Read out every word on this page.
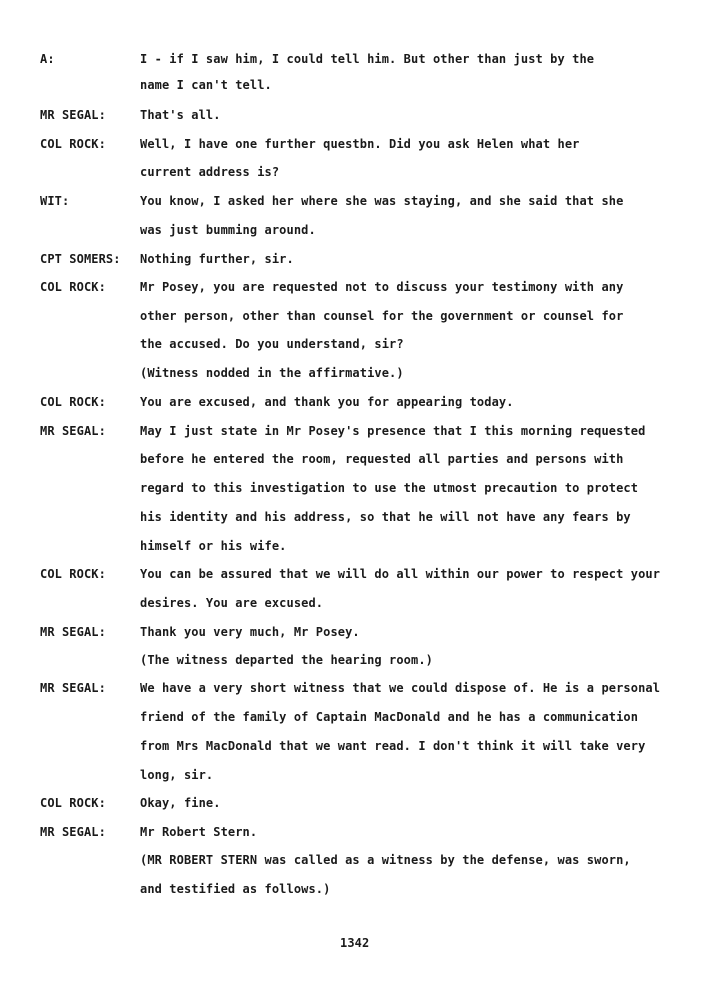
A:	I - if I saw him, I could tell him. But other than just by the
name I can't tell.
MR SEGAL:	That's all.
COL ROCK:	Well, I have one further questbn. Did you ask Helen what her
current address is?
WIT:	You know, I asked her where she was staying, and she said that she
was just bumming around.
CPT SOMERS: Nothing further, sir.
COL ROCK:	Mr Posey, you are requested not to discuss your testimony with any
other person, other than counsel for the government or counsel for
the accused. Do you understand, sir?
(Witness nodded in the affirmative.)
COL ROCK:	You are excused, and thank you for appearing today.
MR SEGAL:	May I just state in Mr Posey's presence that I this morning requested
before he entered the room, requested all parties and persons with
regard to this investigation to use the utmost precaution to protect
his identity and his address, so that he will not have any fears by
himself or his wife.
COL ROCK:	You can be assured that we will do all within our power to respect your
desires. You are excused.
MR SEGAL:	Thank you very much, Mr Posey.
(The witness departed the hearing room.)
MR SEGAL:	We have a very short witness that we could dispose of. He is a personal
friend of the family of Captain MacDonald and he has a communication
from Mrs MacDonald that we want read. I don't think it will take very
long, sir.
COL ROCK:	Okay, fine.
MR SEGAL:	Mr Robert Stern.
(MR ROBERT STERN was called as a witness by the defense, was sworn,
and testified as follows.)
1342
